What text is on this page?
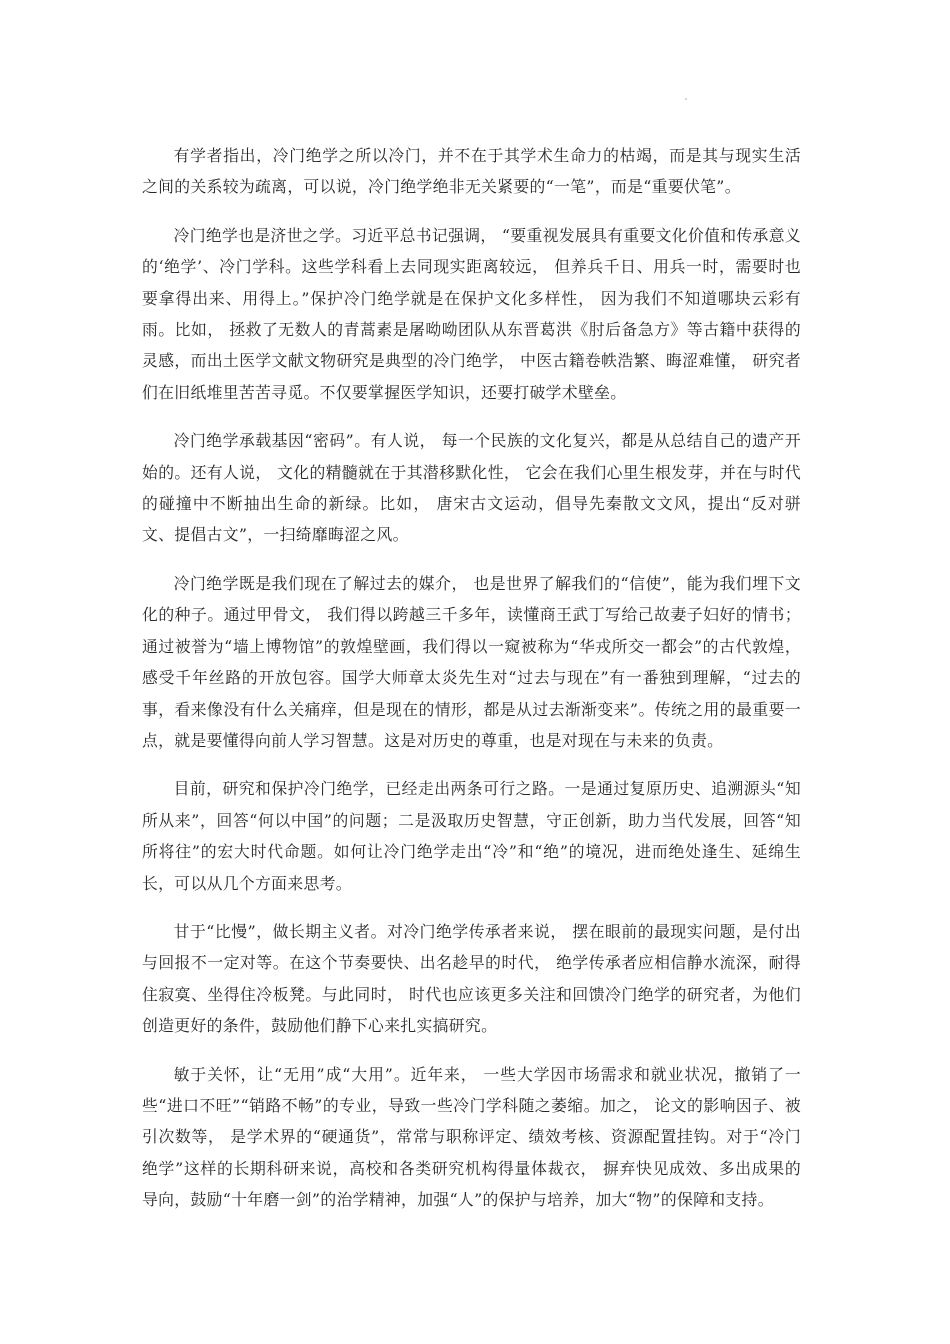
有学者指出，冷门绝学之所以冷门，并不在于其学术生命力的枯竭，而是其与现实生活之间的关系较为疏离，可以说，冷门绝学绝非无关紧要的“一笔”，而是“重要伏笔”。

冷门绝学也是济世之学。习近平总书记强调， “要重视发展具有重要文化价值和传承意义的‘绝学’、冷门学科。这些学科看上去同现实距离较远， 但养兵千日、用兵一时，需要时也要拿得出来、用得上。”保护冷门绝学就是在保护文化多样性， 因为我们不知道哪块云彩有雨。比如， 拯救了无数人的青蒿素是屠呦呦团队从东晋葛洪《肘后备急方》等古籍中获得的灵感，而出土医学文献文物研究是典型的冷门绝学， 中医古籍卷帙浩繁、晦涩难懂， 研究者们在旧纸堆里苦苦寻觅。不仅要掌握医学知识，还要打破学术壁垒。

冷门绝学承载基因“密码”。有人说， 每一个民族的文化复兴，都是从总结自己的遗产开始的。还有人说， 文化的精髓就在于其潜移默化性， 它会在我们心里生根发芽，并在与时代的碰撞中不断抽出生命的新绿。比如， 唐宋古文运动，倡导先秦散文文风，提出“反对骈文、提倡古文”，一扫绮靡晦涩之风。

冷门绝学既是我们现在了解过去的媒介， 也是世界了解我们的“信使”，能为我们埋下文化的种子。通过甲骨文， 我们得以跨越三千多年，读懂商王武丁写给己故妻子妇好的情书；通过被誉为“墙上博物馆”的敦煌壁画，我们得以一窥被称为“华戎所交一都会”的古代敦煌，感受千年丝路的开放包容。国学大师章太炎先生对“过去与现在”有一番独到理解，“过去的事，看来像没有什么关痛痒，但是现在的情形，都是从过去渐渐变来”。传统之用的最重要一点，就是要懂得向前人学习智慧。这是对历史的尊重，也是对现在与未来的负责。

目前，研究和保护冷门绝学，已经走出两条可行之路。一是通过复原历史、追溯源头“知所从来”，回答“何以中国”的问题；二是汲取历史智慧，守正创新，助力当代发展，回答“知所将往”的宏大时代命题。如何让冷门绝学走出“冷”和“绝”的境况，进而绝处逢生、延绵生长，可以从几个方面来思考。

甘于“比慢”，做长期主义者。对冷门绝学传承者来说， 摆在眼前的最现实问题，是付出与回报不一定对等。在这个节奏要快、出名趁早的时代， 绝学传承者应相信静水流深，耐得住寂寞、坐得住冷板凳。与此同时， 时代也应该更多关注和回馈冷门绝学的研究者，为他们创造更好的条件，鼓励他们静下心来扎实搞研究。

敏于关怀，让“无用”成“大用”。近年来， 一些大学因市场需求和就业状况，撤销了一些“进口不旺”“销路不畅”的专业，导致一些冷门学科随之萎缩。加之， 论文的影响因子、被引次数等， 是学术界的“硬通货”，常常与职称评定、绩效考核、资源配置挂钩。对于“冷门绝学”这样的长期科研来说，高校和各类研究机构得量体裁衣， 摒弃快见成效、多出成果的导向，鼓励“十年磨一剑”的治学精神，加强“人”的保护与培养，加大“物”的保障和支持。
